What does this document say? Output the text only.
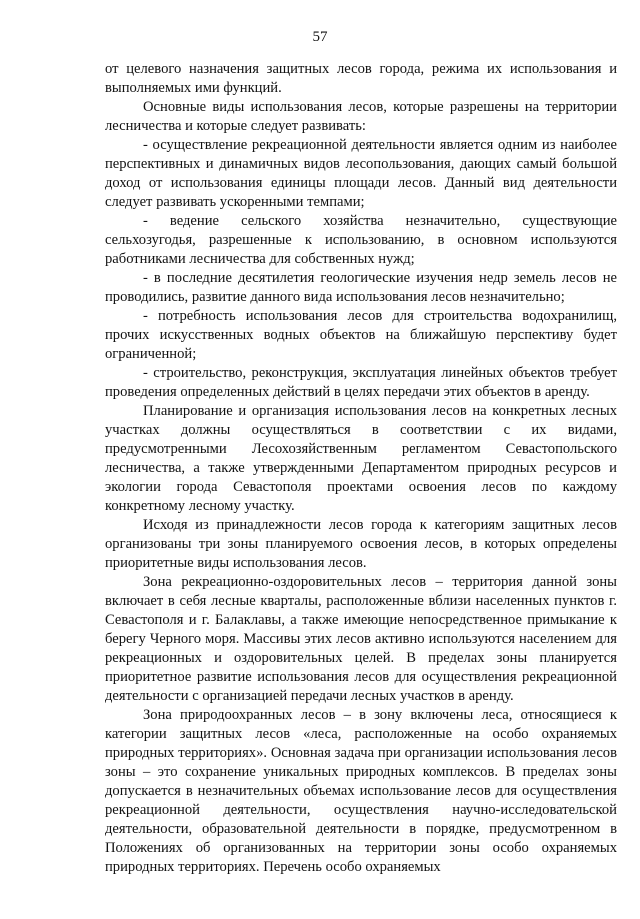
57

от целевого назначения защитных лесов города, режима их использования и выполняемых ими функций.

Основные виды использования лесов, которые разрешены на территории лесничества и которые следует развивать:

- осуществление рекреационной деятельности является одним из наиболее перспективных и динамичных видов лесопользования, дающих самый большой доход от использования единицы площади лесов. Данный вид деятельности следует развивать ускоренными темпами;

- ведение сельского хозяйства незначительно, существующие сельхозугодья, разрешенные к использованию, в основном используются работниками лесничества для собственных нужд;

- в последние десятилетия геологические изучения недр земель лесов не проводились, развитие данного вида использования лесов незначительно;

- потребность использования лесов для строительства водохранилищ, прочих искусственных водных объектов на ближайшую перспективу будет ограниченной;

- строительство, реконструкция, эксплуатация линейных объектов требует проведения определенных действий в целях передачи этих объектов в аренду.

Планирование и организация использования лесов на конкретных лесных участках должны осуществляться в соответствии с их видами, предусмотренными Лесохозяйственным регламентом Севастопольского лесничества, а также утвержденными Департаментом природных ресурсов и экологии города Севастополя проектами освоения лесов по каждому конкретному лесному участку.

Исходя из принадлежности лесов города к категориям защитных лесов организованы три зоны планируемого освоения лесов, в которых определены приоритетные виды использования лесов.

Зона рекреационно-оздоровительных лесов – территория данной зоны включает в себя лесные кварталы, расположенные вблизи населенных пунктов г. Севастополя и г. Балаклавы, а также имеющие непосредственное примыкание к берегу Черного моря. Массивы этих лесов активно используются населением для рекреационных и оздоровительных целей. В пределах зоны планируется приоритетное развитие использования лесов для осуществления рекреационной деятельности с организацией передачи лесных участков в аренду.

Зона природоохранных лесов – в зону включены леса, относящиеся к категории защитных лесов «леса, расположенные на особо охраняемых природных территориях». Основная задача при организации использования лесов зоны – это сохранение уникальных природных комплексов. В пределах зоны допускается в незначительных объемах использование лесов для осуществления рекреационной деятельности, осуществления научно-исследовательской деятельности, образовательной деятельности в порядке, предусмотренном в Положениях об организованных на территории зоны особо охраняемых природных территориях. Перечень особо охраняемых
